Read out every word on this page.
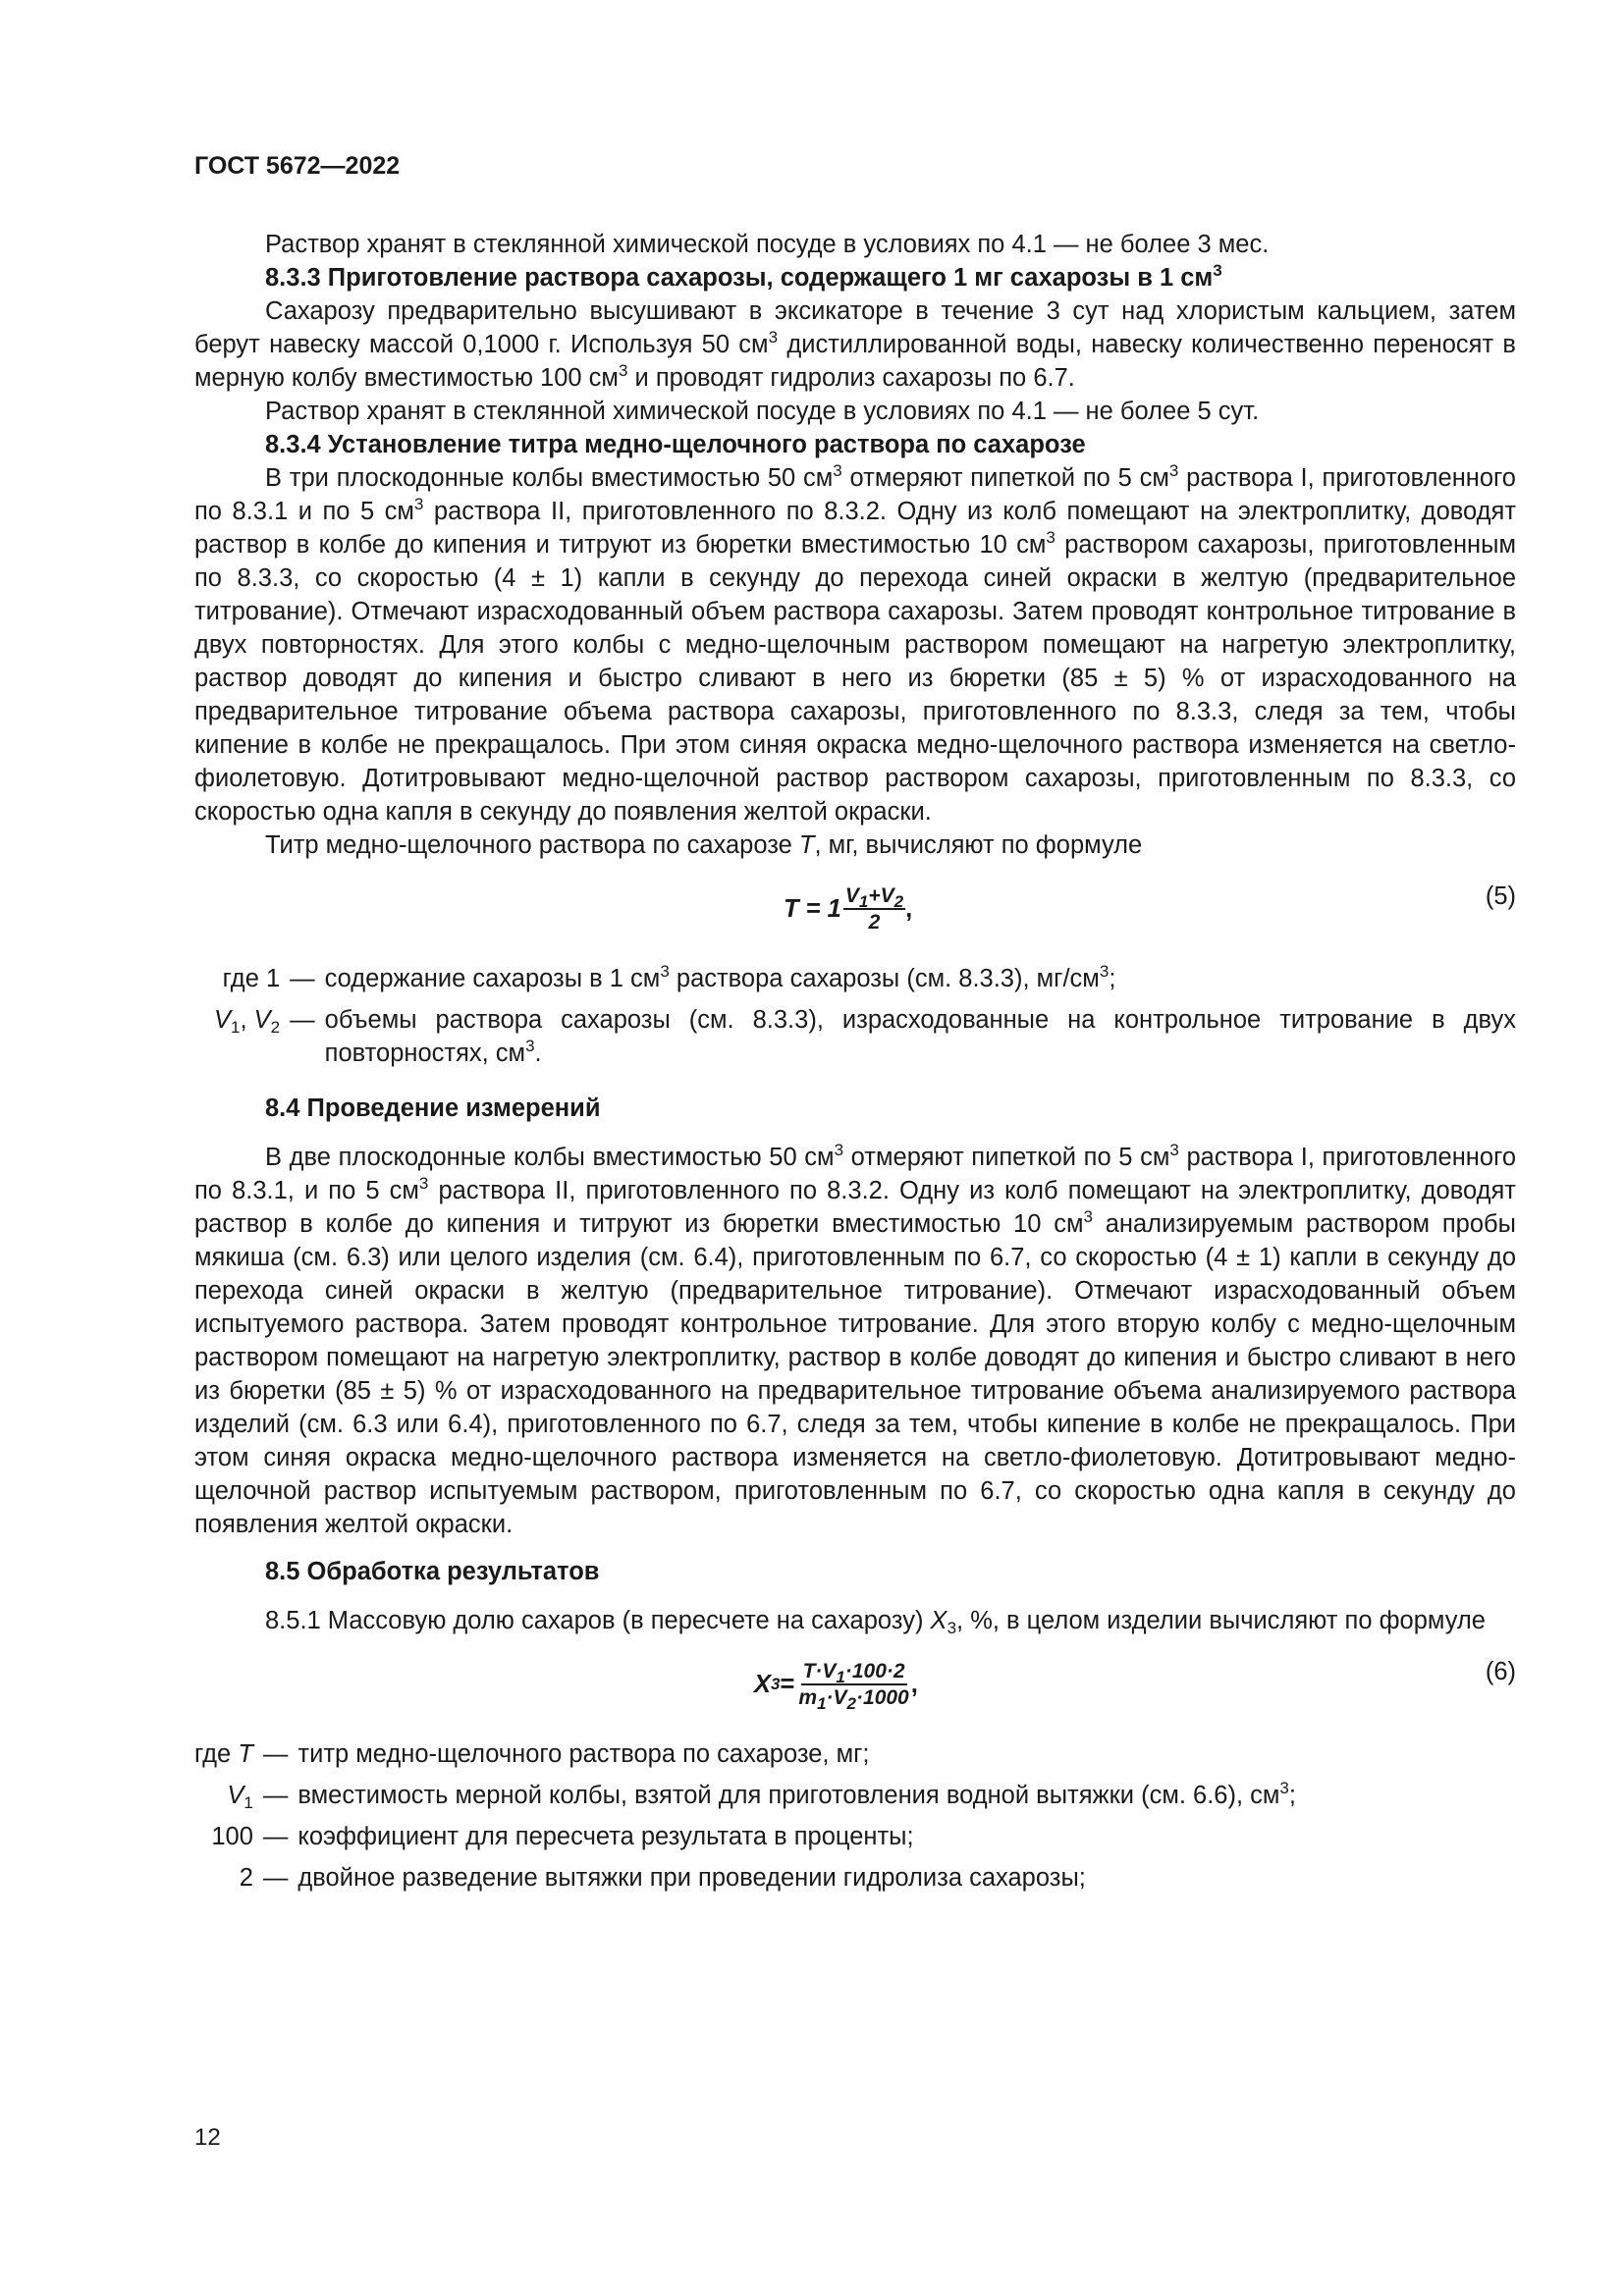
ГОСТ 5672—2022

Раствор хранят в стеклянной химической посуде в условиях по 4.1 — не более 3 мес.

8.3.3 Приготовление раствора сахарозы, содержащего 1 мг сахарозы в 1 $см^3$

Сахарозу предварительно высушивают в эксикаторе в течение 3 сут над хлористым кальцием, затем берут навеску массой 0,1000 г. Используя 50 $см^3$ дистиллированной воды, навеску количественно переносят в мерную колбу вместимостью 100 $см^3$ и проводят гидролиз сахарозы по 6.7.

Раствор хранят в стеклянной химической посуде в условиях по 4.1 — не более 5 сут.

8.3.4 Установление титра медно-щелочного раствора по сахарозе

В три плоскодонные колбы вместимостью 50 $см^3$ отмеряют пипеткой по 5 $см^3$ раствора I, приготовленного по 8.3.1 и по 5 $см^3$ раствора II, приготовленного по 8.3.2. Одну из колб помещают на электроплитку, доводят раствор в колбе до кипения и титруют из бюретки вместимостью 10 $см^3$ раствором сахарозы, приготовленным по 8.3.3, со скоростью (4 ± 1) капли в секунду до перехода синей окраски в желтую (предварительное титрование). Отмечают израсходованный объем раствора сахарозы. Затем проводят контрольное титрование в двух повторностях. Для этого колбы с медно-щелочным раствором помещают на нагретую электроплитку, раствор доводят до кипения и быстро сливают в него из бюретки (85 ± 5) % от израсходованного на предварительное титрование объема раствора сахарозы, приготовленного по 8.3.3, следя за тем, чтобы кипение в колбе не прекращалось. При этом синяя окраска медно-щелочного раствора изменяется на светло-фиолетовую. Дотитровывают медно-щелочной раствор раствором сахарозы, приготовленным по 8.3.3, со скоростью одна капля в секунду до появления желтой окраски.

Титр медно-щелочного раствора по сахарозе T, мг, вычисляют по формуле

$T = 1 \frac{V_1+V_2}{2}$ ,	(5)
где 1 — содержание сахарозы в 1 $см^3$ раствора сахарозы (см. 8.3.3), $мг/см^3$;
$V_1$, $V_2$ — объемы раствора сахарозы (см. 8.3.3), израсходованные на контрольное титрование в двух повторностях, $см^3$.
8.4 Проведение измерений

В две плоскодонные колбы вместимостью 50 $см^3$ отмеряют пипеткой по 5 $см^3$ раствора I, приготовленного по 8.3.1, и по 5 $см^3$ раствора II, приготовленного по 8.3.2. Одну из колб помещают на электроплитку, доводят раствор в колбе до кипения и титруют из бюретки вместимостью 10 $см^3$ анализируемым раствором пробы мякиша (см. 6.3) или целого изделия (см. 6.4), приготовленным по 6.7, со скоростью (4 ± 1) капли в секунду до перехода синей окраски в желтую (предварительное титрование). Отмечают израсходованный объем испытуемого раствора. Затем проводят контрольное титрование. Для этого вторую колбу с медно-щелочным раствором помещают на нагретую электроплитку, раствор в колбе доводят до кипения и быстро сливают в него из бюретки (85 ± 5) % от израсходованного на предварительное титрование объема анализируемого раствора изделий (см. 6.3 или 6.4), приготовленного по 6.7, следя за тем, чтобы кипение в колбе не прекращалось. При этом синяя окраска медно-щелочного раствора изменяется на светло-фиолетовую. Дотитровывают медно-щелочной раствор испытуемым раствором, приготовленным по 6.7, со скоростью одна капля в секунду до появления желтой окраски.

8.5 Обработка результатов

8.5.1 Массовую долю сахаров (в пересчете на сахарозу) $X_3$, %, в целом изделии вычисляют по формуле

X $3 = \frac{T\cdot V_1\cdot 100\cdot 2}{m_1\cdot V_2\cdot 1000}$ ,	(6)
где T — титр медно-щелочного раствора по сахарозе, мг;
$V_1$ — вместимость мерной колбы, взятой для приготовления водной вытяжки (см. 6.6), $см^3$;
100 — коэффициент для пересчета результата в проценты;
2 — двойное разведение вытяжки при проведении гидролиза сахарозы;
12
